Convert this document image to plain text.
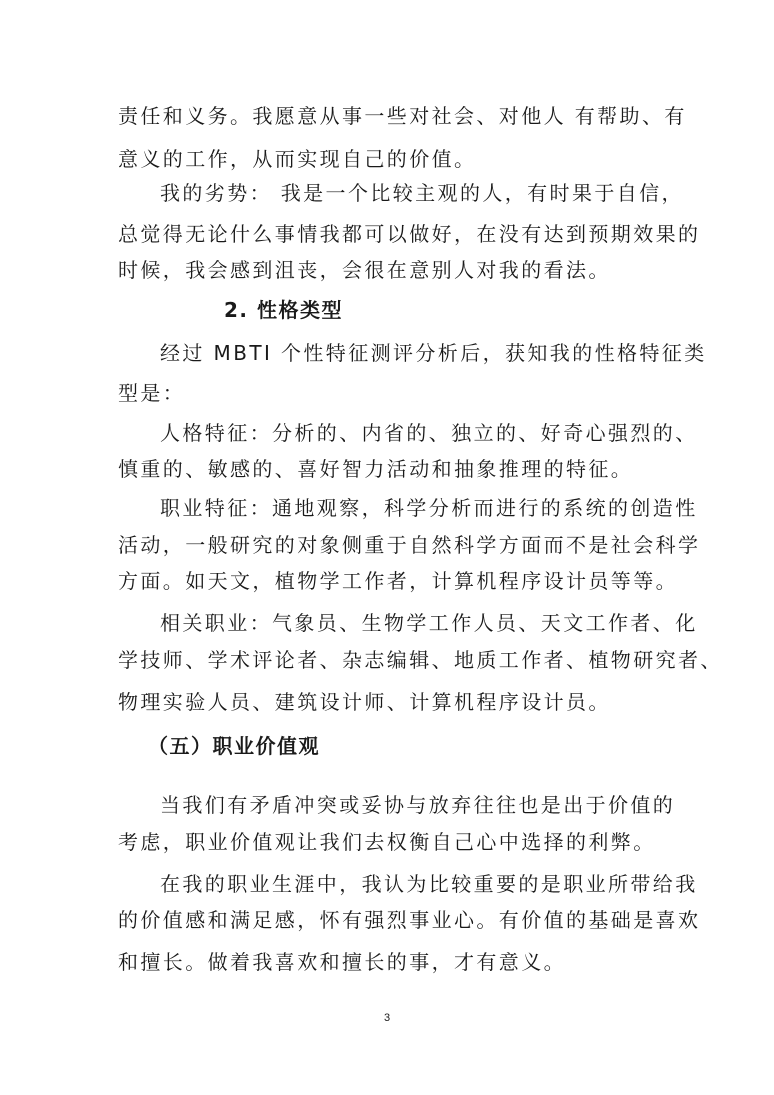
责任和义务。我愿意从事一些对社会、对他人 有帮助、有
意义的工作，从而实现自己的价值。
我的劣势： 我是一个比较主观的人，有时果于自信，
总觉得无论什么事情我都可以做好，在没有达到预期效果的
时候，我会感到沮丧，会很在意别人对我的看法。
2. 性格类型
经过 MBTI 个性特征测评分析后，获知我的性格特征类
型是：
人格特征：分析的、内省的、独立的、好奇心强烈的、
慎重的、敏感的、喜好智力活动和抽象推理的特征。
职业特征：通地观察，科学分析而进行的系统的创造性
活动，一般研究的对象侧重于自然科学方面而不是社会科学
方面。如天文，植物学工作者，计算机程序设计员等等。
相关职业：气象员、生物学工作人员、天文工作者、化
学技师、学术评论者、杂志编辑、地质工作者、植物研究者、
物理实验人员、建筑设计师、计算机程序设计员。
（五）职业价值观
当我们有矛盾冲突或妥协与放弃往往也是出于价值的
考虑，职业价值观让我们去权衡自己心中选择的利弊。
在我的职业生涯中，我认为比较重要的是职业所带给我
的价值感和满足感，怀有强烈事业心。有价值的基础是喜欢
和擅长。做着我喜欢和擅长的事，才有意义。
3
